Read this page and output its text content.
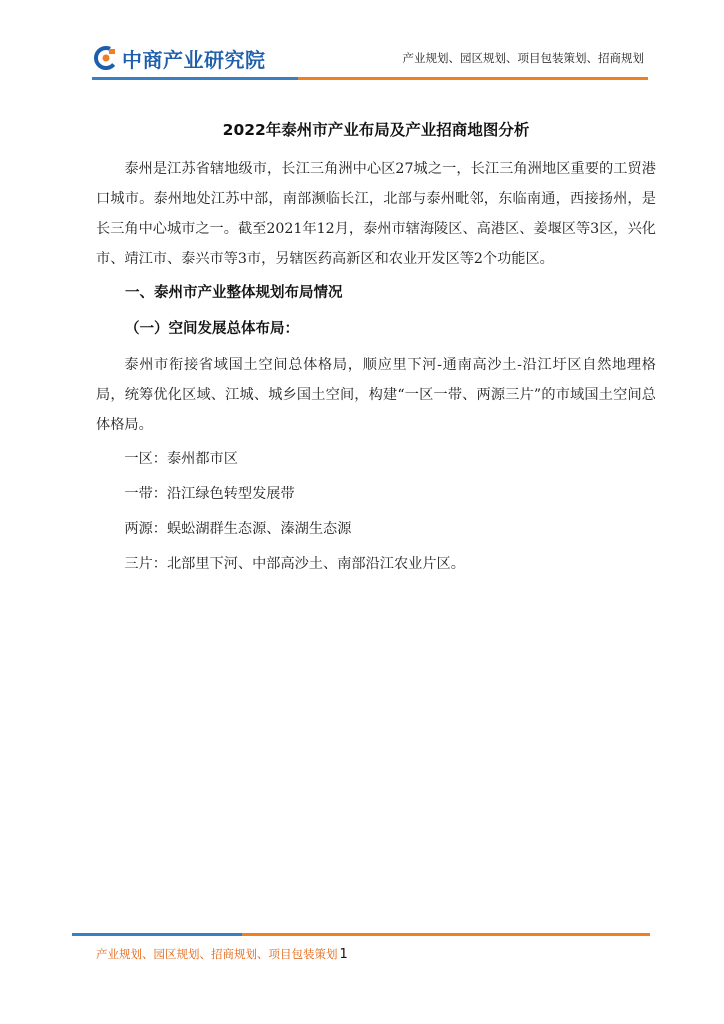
中商产业研究院	产业规划、园区规划、项目包装策划、招商规划
2022年泰州市产业布局及产业招商地图分析

泰州是江苏省辖地级市，长江三角洲中心区27城之一，长江三角洲地区重要的工贸港口城市。泰州地处江苏中部，南部濒临长江，北部与泰州毗邻，东临南通，西接扬州，是长三角中心城市之一。截至2021年12月，泰州市辖海陵区、高港区、姜堰区等3区，兴化市、靖江市、泰兴市等3市，另辖医药高新区和农业开发区等2个功能区。

一、泰州市产业整体规划布局情况
（一）空间发展总体布局：

泰州市衔接省域国土空间总体格局，顺应里下河-通南高沙土-沿江圩区自然地理格局，统筹优化区域、江城、城乡国土空间，构建“一区一带、两源三片”的市域国土空间总体格局。

一区：泰州都市区
一带：沿江绿色转型发展带
两源：蜈蚣湖群生态源、溱湖生态源
三片：北部里下河、中部高沙土、南部沿江农业片区。
产业规划、园区规划、招商规划、项目包装策划 1
